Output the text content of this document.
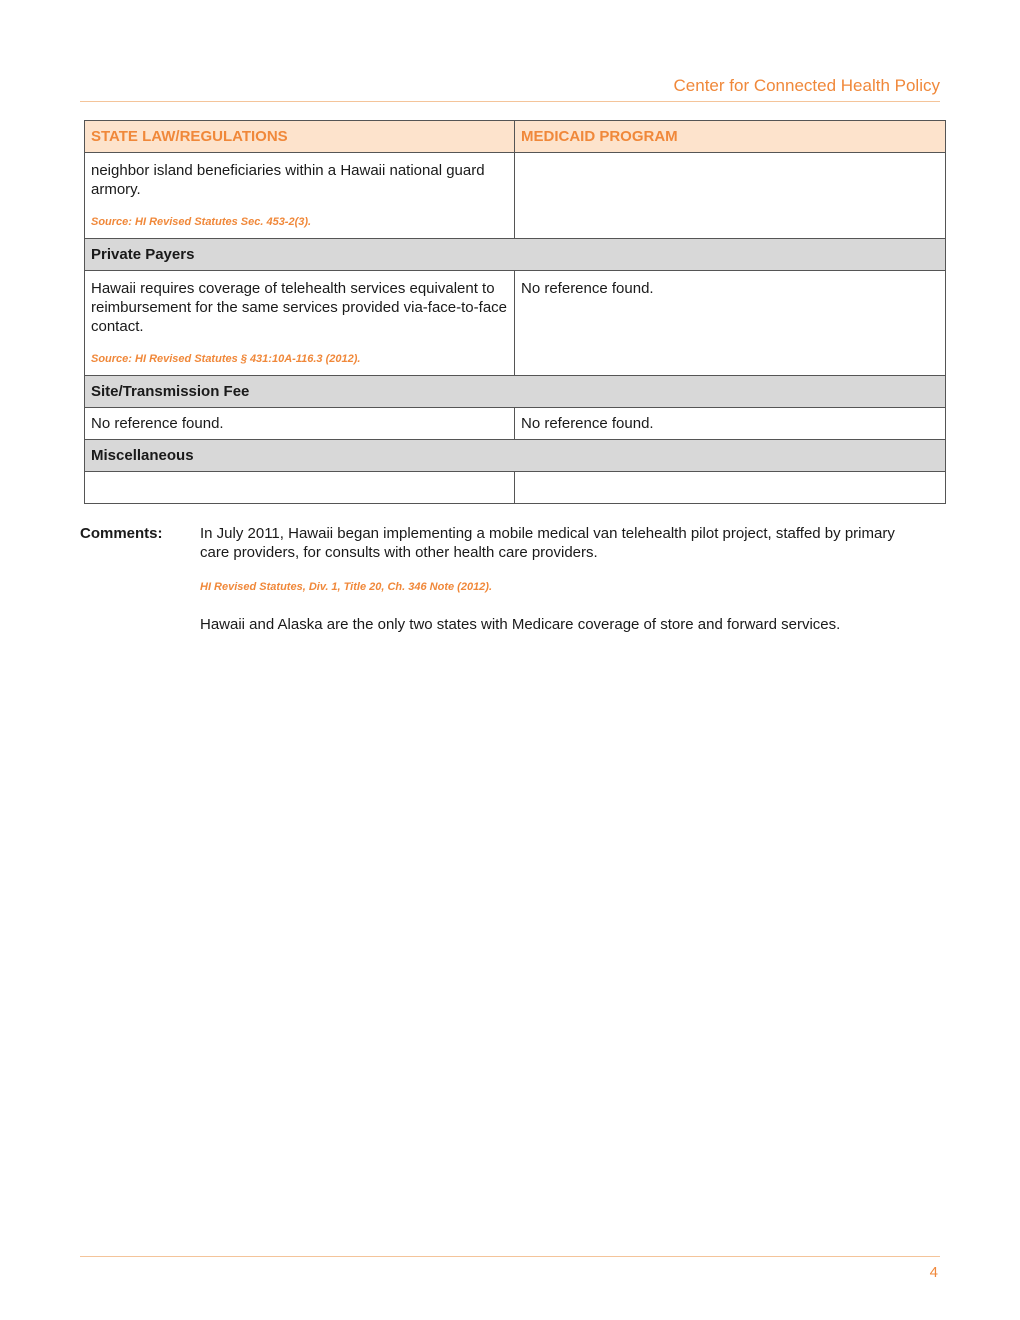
Center for Connected Health Policy
STATE LAW/REGULATIONS	MEDICAID PROGRAM

neighbor island beneficiaries within a Hawaii national guard armory.
Source: HI Revised Statutes Sec. 453-2(3).	

Private Payers	

Hawaii requires coverage of telehealth services equivalent to reimbursement for the same services provided via-face-to-face contact.
Source: HI Revised Statutes § 431:10A-116.3 (2012).	No reference found.

Site/Transmission Fee	
No reference found.	No reference found.
Miscellaneous	

Comments: In July 2011, Hawaii began implementing a mobile medical van telehealth pilot project, staffed by primary care providers, for consults with other health care providers.
HI Revised Statutes, Div. 1, Title 20, Ch. 346 Note (2012).
Hawaii and Alaska are the only two states with Medicare coverage of store and forward services.
4
